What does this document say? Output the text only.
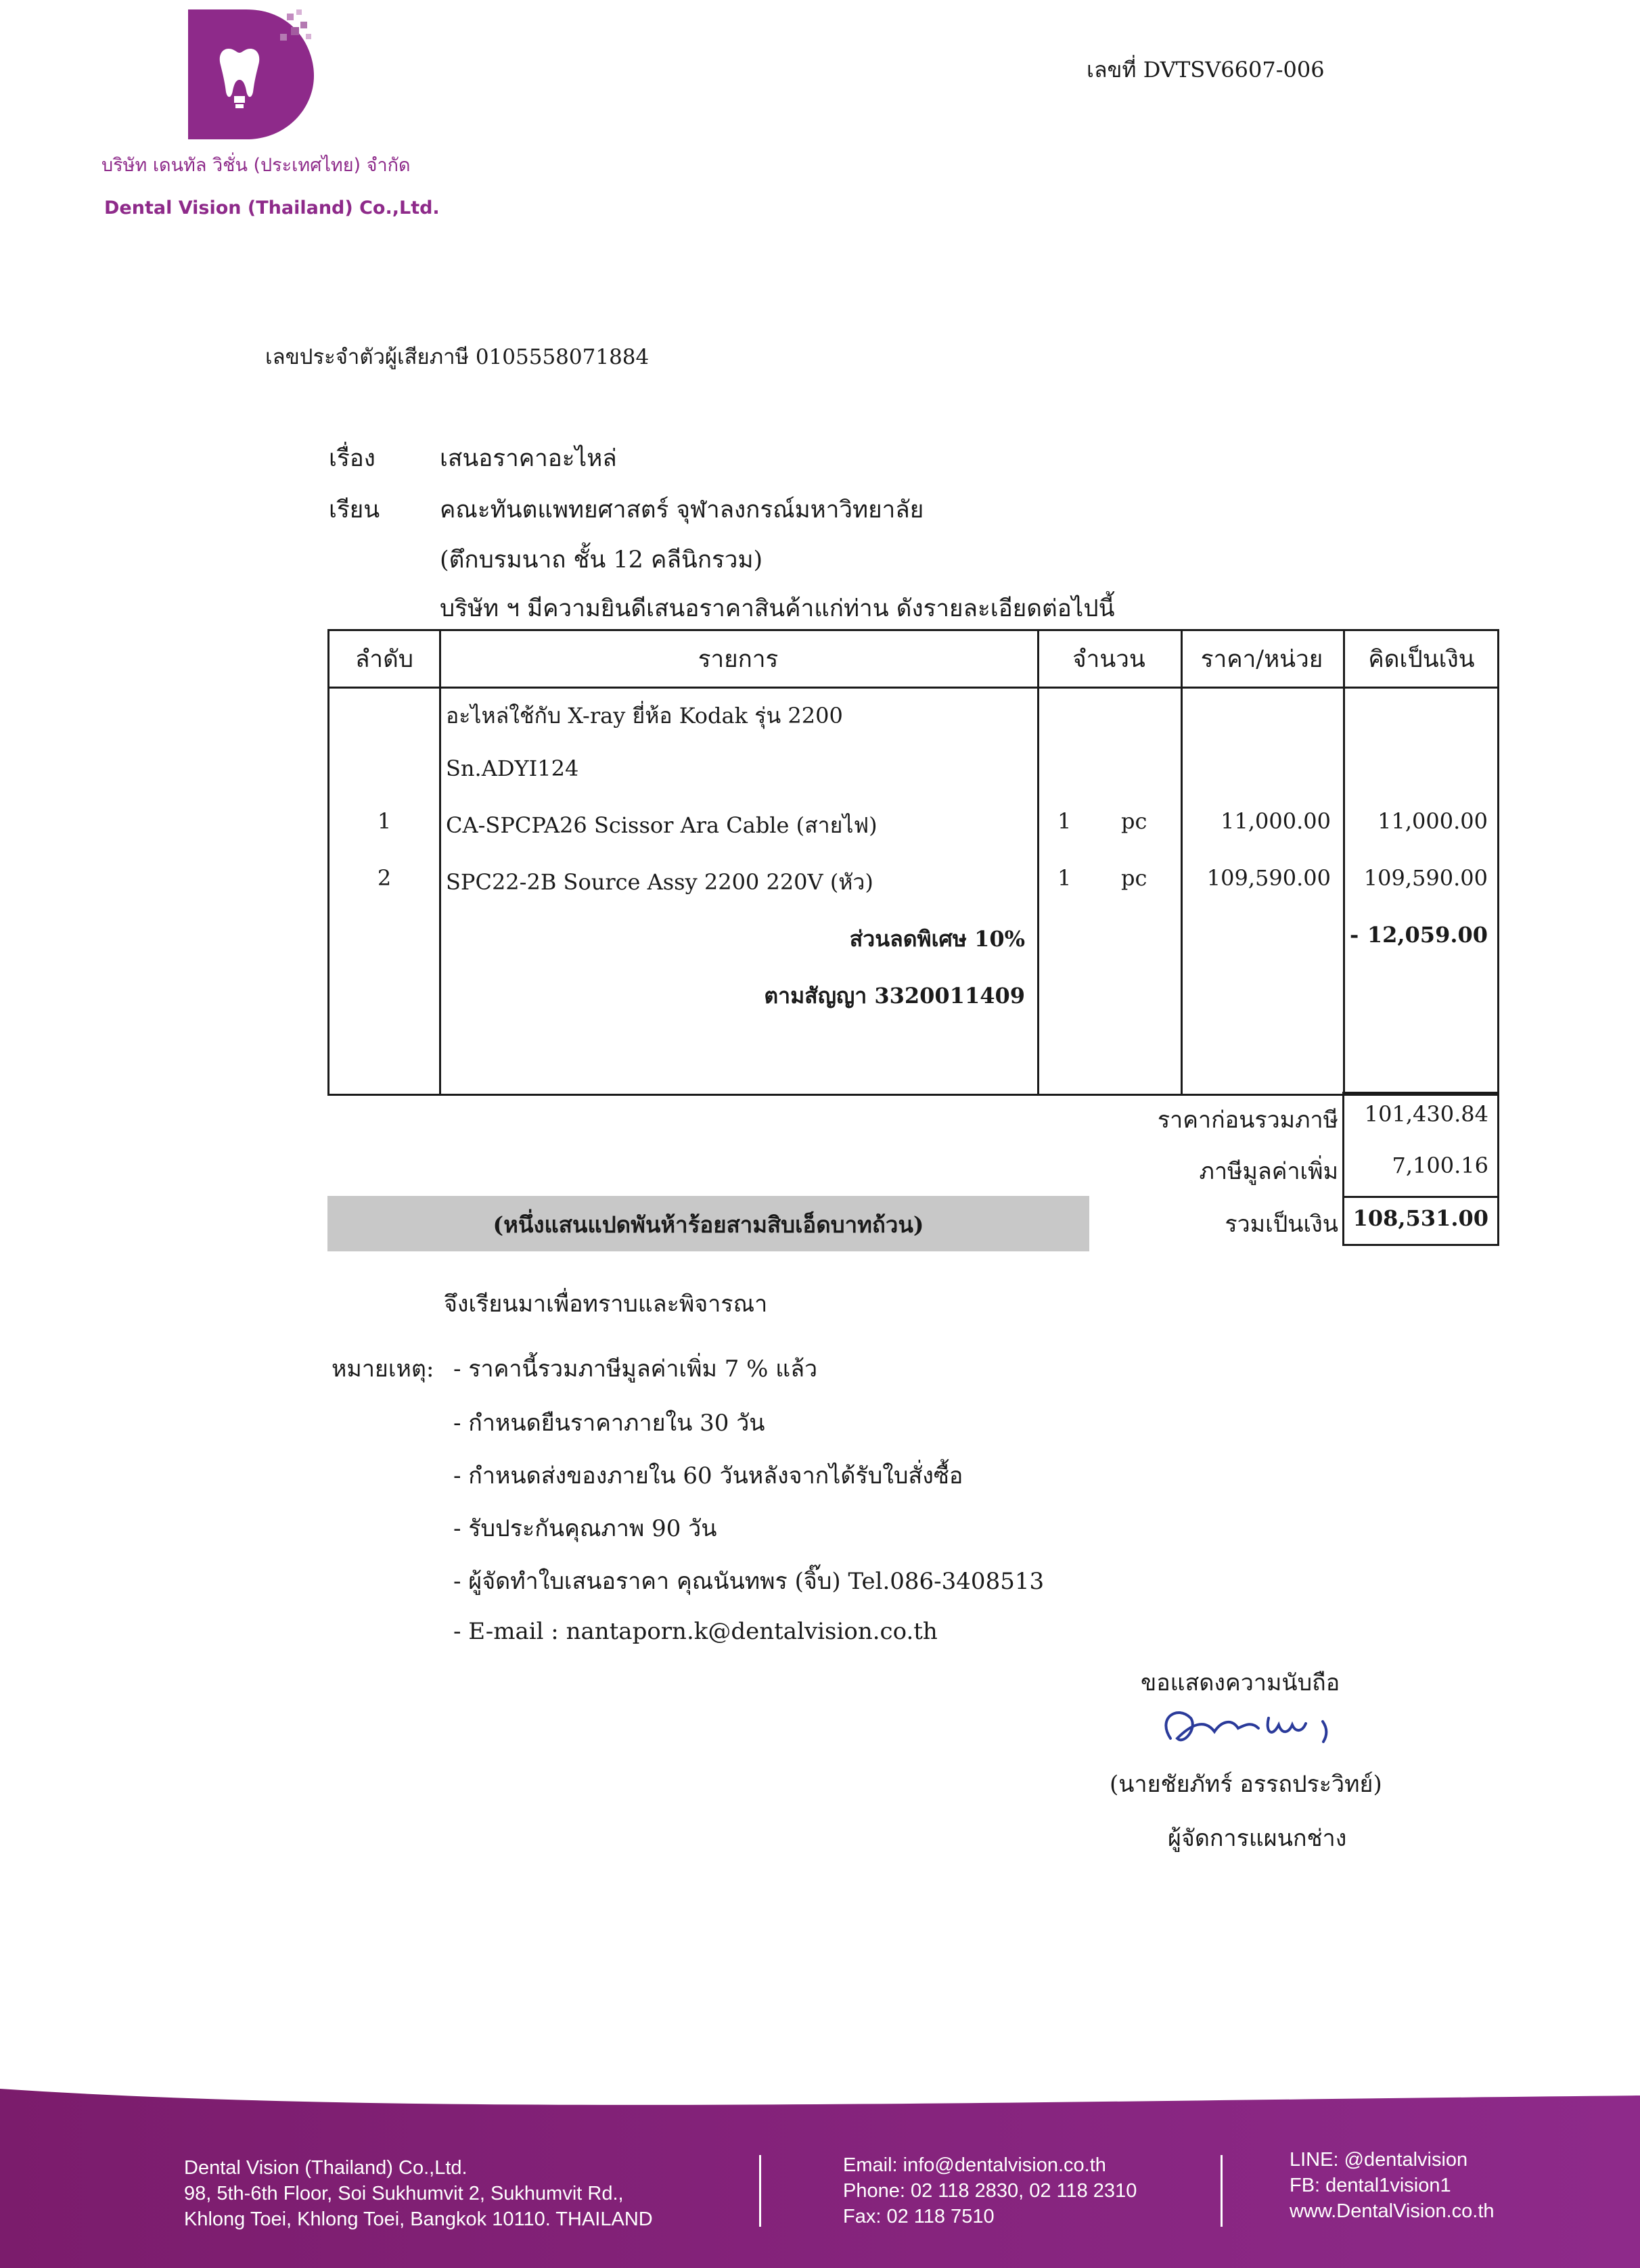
บริษัท เดนทัล วิชั่น (ประเทศไทย) จำกัด
Dental Vision (Thailand) Co.,Ltd.
เลขที่ DVTSV6607-006
เลขประจำตัวผู้เสียภาษี 0105558071884
เรื่อง	เสนอราคาอะไหล่
เรียน	คณะทันตแพทยศาสตร์ จุฬาลงกรณ์มหาวิทยาลัย
(ตึกบรมนาถ ชั้น 12 คลีนิกรวม)
บริษัท ฯ มีความยินดีเสนอราคาสินค้าแก่ท่าน ดังรายละเอียดต่อไปนี้
ลำดับ	รายการ	จำนวน	ราคา/หน่วย	คิดเป็นเงิน
อะไหล่ใช้กับ X-ray ยี่ห้อ Kodak รุ่น 2200
Sn.ADYI124
1	CA-SPCPA26 Scissor Ara Cable (สายไฟ)	1 pc	11,000.00	11,000.00
2	SPC22-2B Source Assy 2200 220V (หัว)	1 pc	109,590.00	109,590.00
ส่วนลดพิเศษ 10%	- 12,059.00
ตามสัญญา 3320011409
ราคาก่อนรวมภาษี	101,430.84
ภาษีมูลค่าเพิ่ม	7,100.16
รวมเป็นเงิน 108,531.00
(หนึ่งแสนแปดพันห้าร้อยสามสิบเอ็ดบาทถ้วน)
จึงเรียนมาเพื่อทราบและพิจารณา
หมายเหตุ: - ราคานี้รวมภาษีมูลค่าเพิ่ม 7 % แล้ว
- กำหนดยืนราคาภายใน 30 วัน
- กำหนดส่งของภายใน 60 วันหลังจากได้รับใบสั่งซื้อ
- รับประกันคุณภาพ 90 วัน
- ผู้จัดทำใบเสนอราคา คุณนันทพร (จิ๊บ) Tel.086-3408513
- E-mail : nantaporn.k@dentalvision.co.th
ขอแสดงความนับถือ
(นายชัยภัทร์ อรรถประวิทย์)
ผู้จัดการแผนกช่าง
Dental Vision (Thailand) Co.,Ltd.
98, 5th-6th Floor, Soi Sukhumvit 2, Sukhumvit Rd.,
Khlong Toei, Khlong Toei, Bangkok 10110. THAILAND
Email: info@dentalvision.co.th
Phone: 02 118 2830, 02 118 2310
Fax: 02 118 7510
LINE: @dentalvision
FB: dental1vision1
www.DentalVision.co.th
